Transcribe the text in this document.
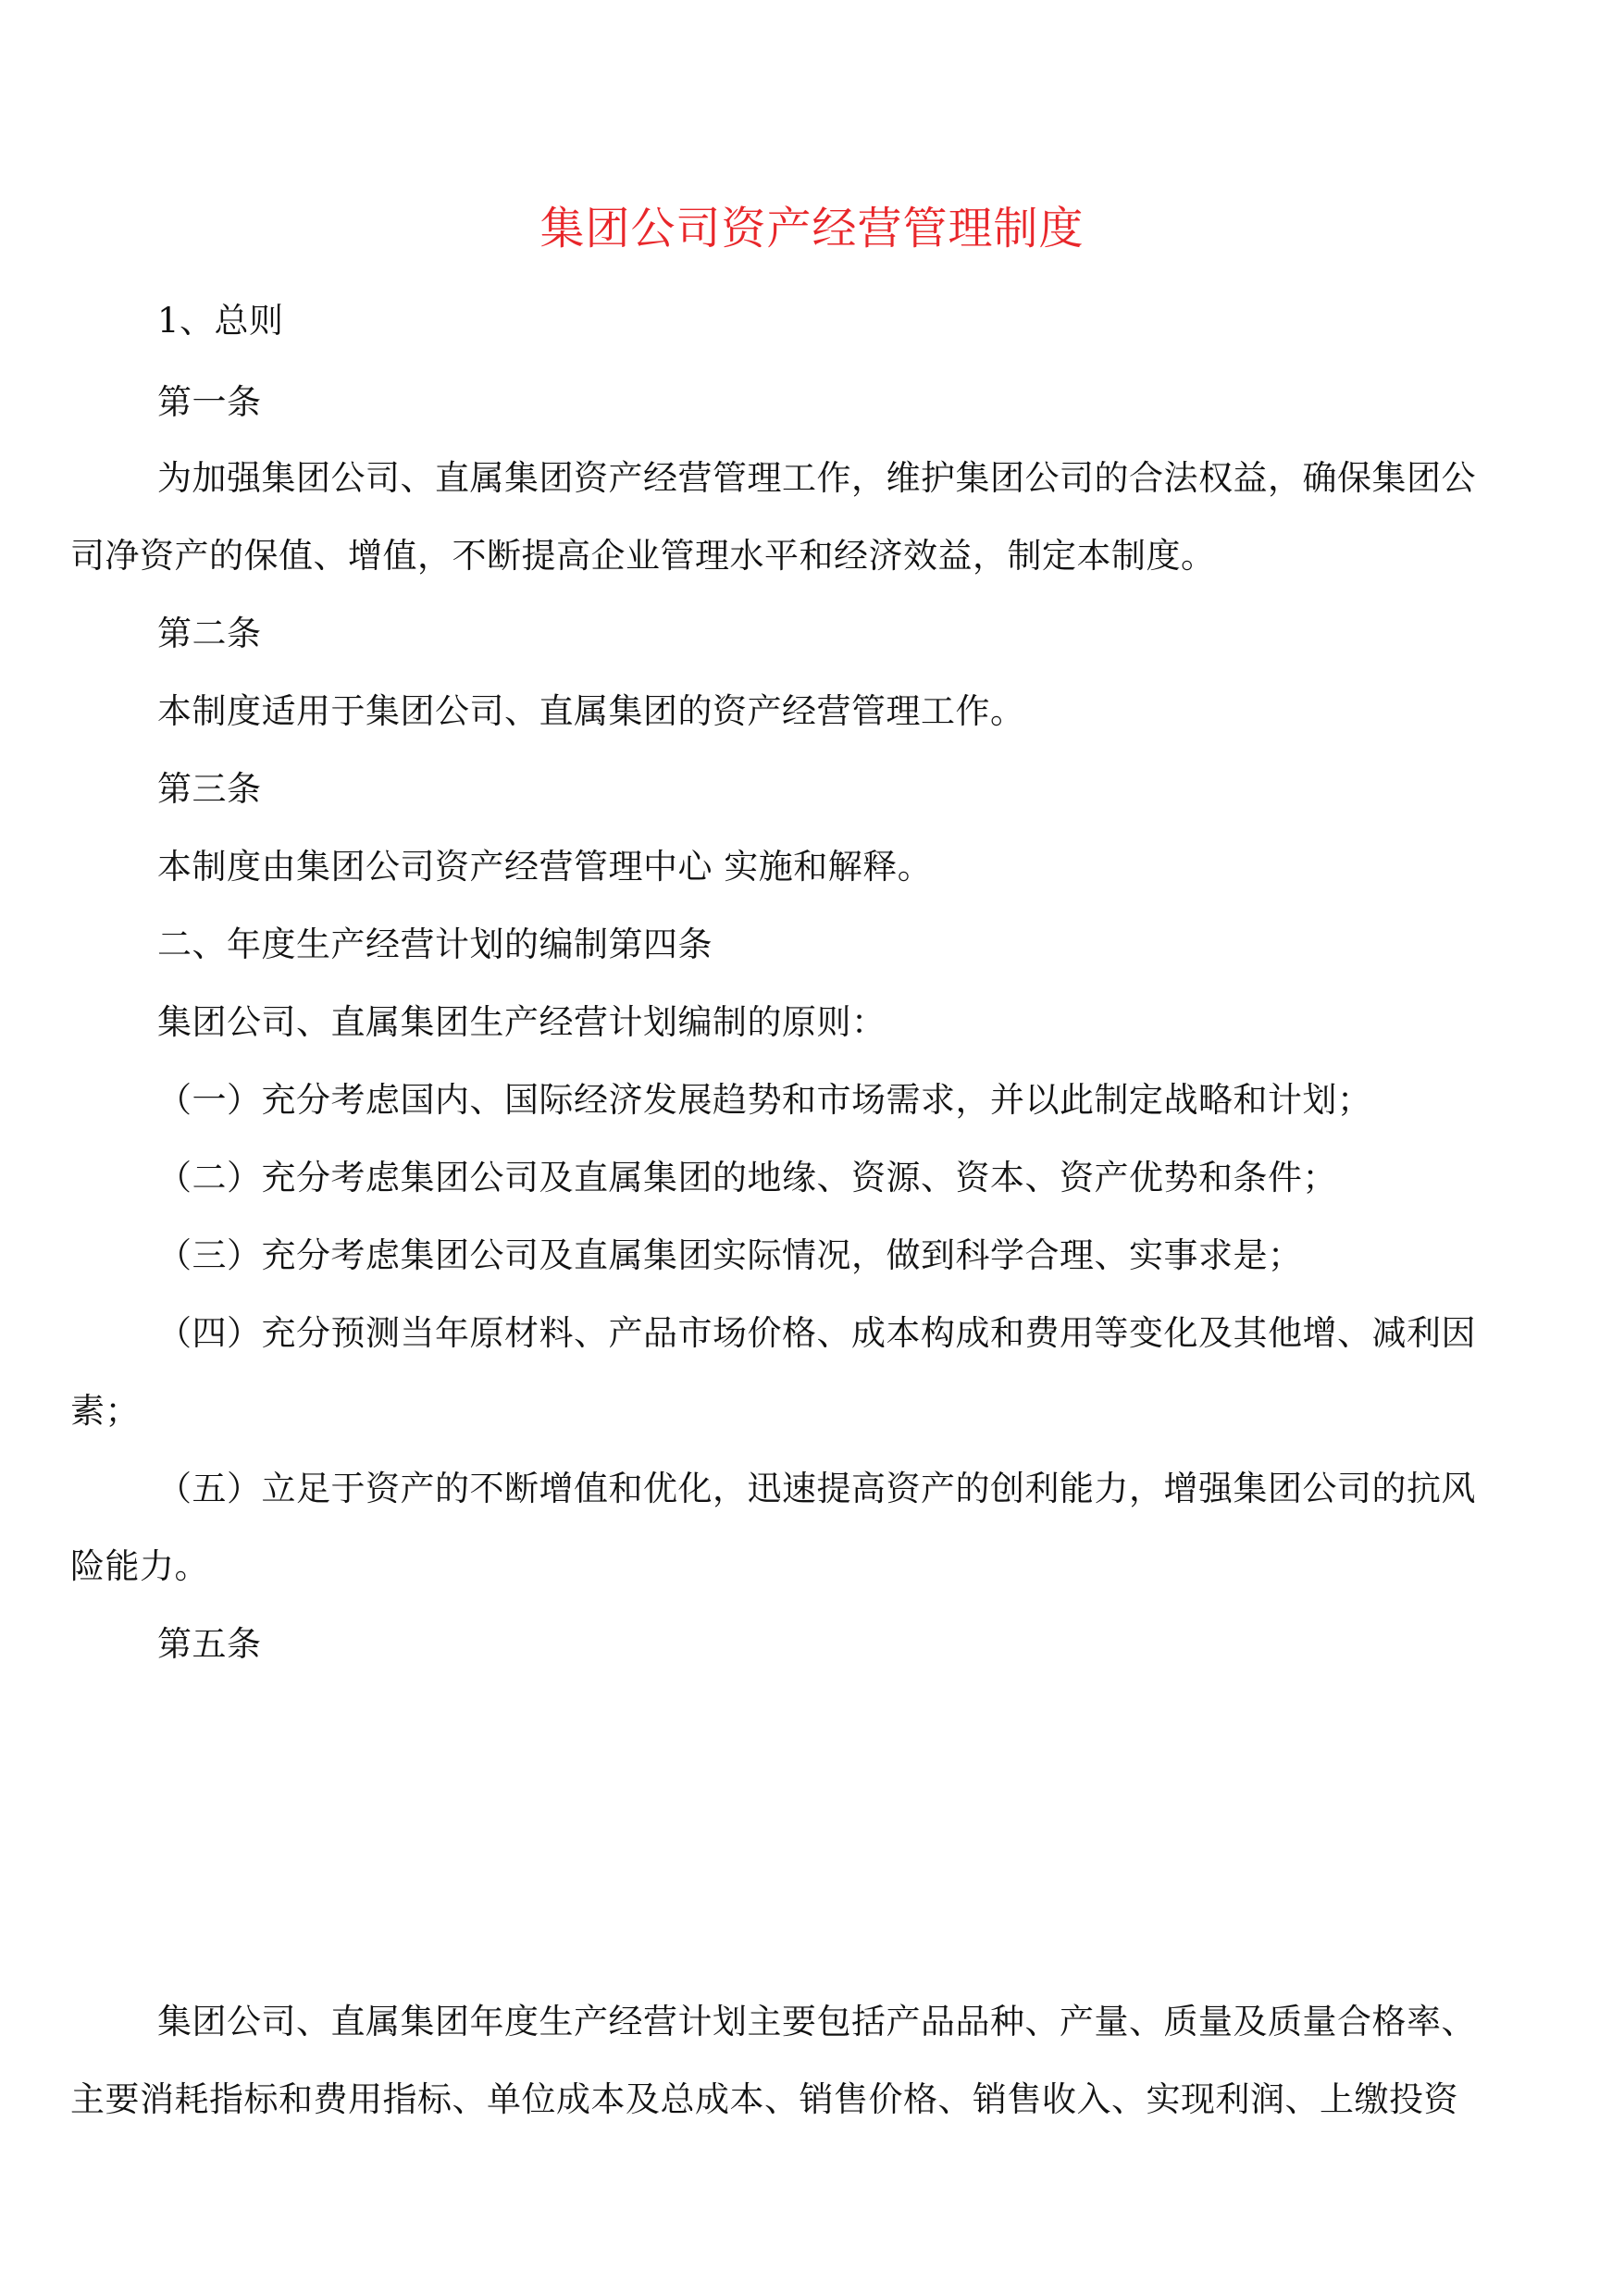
集团公司资产经营管理制度
1、总则
第一条
为加强集团公司、直属集团资产经营管理工作，维护集团公司的合法权益，确保集团公
司净资产的保值、增值，不断提高企业管理水平和经济效益，制定本制度。
第二条
本制度适用于集团公司、直属集团的资产经营管理工作。
第三条
本制度由集团公司资产经营管理中心 实施和解释。
二、年度生产经营计划的编制第四条
集团公司、直属集团生产经营计划编制的原则：
（一）充分考虑国内、国际经济发展趋势和市场需求，并以此制定战略和计划；
（二）充分考虑集团公司及直属集团的地缘、资源、资本、资产优势和条件；
（三）充分考虑集团公司及直属集团实际情况，做到科学合理、实事求是；
（四）充分预测当年原材料、产品市场价格、成本构成和费用等变化及其他增、减利因
素；
（五）立足于资产的不断增值和优化，迅速提高资产的创利能力，增强集团公司的抗风
险能力。
第五条
集团公司、直属集团年度生产经营计划主要包括产品品种、产量、质量及质量合格率、
主要消耗指标和费用指标、单位成本及总成本、销售价格、销售收入、实现利润、上缴投资
